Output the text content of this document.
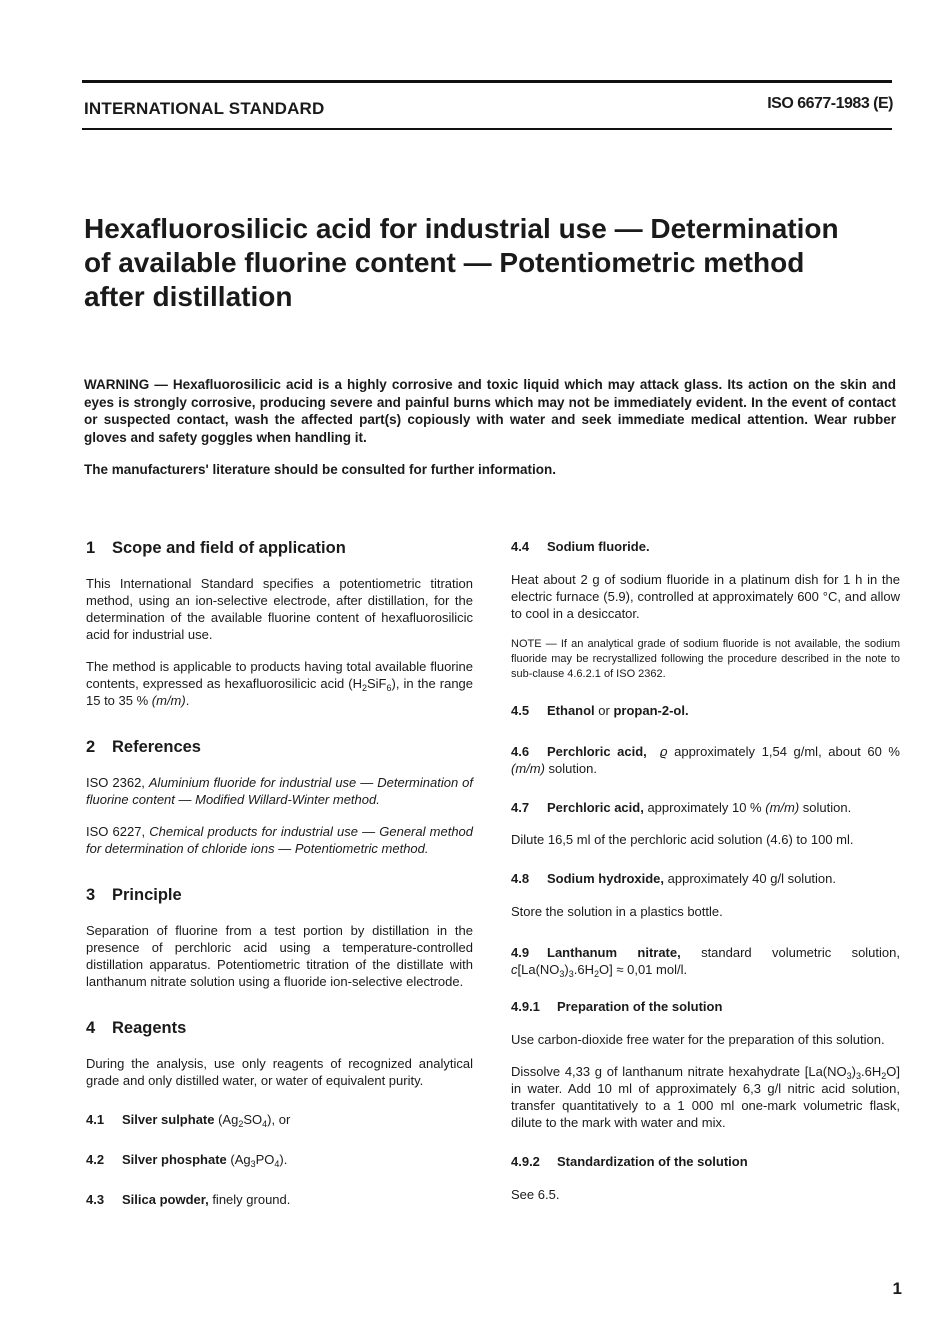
INTERNATIONAL STANDARD	ISO 6677-1983 (E)
Hexafluorosilicic acid for industrial use — Determination
of available fluorine content — Potentiometric method
after distillation

WARNING — Hexafluorosilicic acid is a highly corrosive and toxic liquid which may attack glass. Its action on the skin and eyes is strongly corrosive, producing severe and painful burns which may not be immediately evident. In the event of contact or suspected contact, wash the affected part(s) copiously with water and seek immediate medical attention. Wear rubber gloves and safety goggles when handling it.

The manufacturers' literature should be consulted for further information.

1 Scope and field of application

This International Standard specifies a potentiometric titration method, using an ion-selective electrode, after distillation, for the determination of the available fluorine content of hexafluorosilicic acid for industrial use.

The method is applicable to products having total available fluorine contents, expressed as hexafluorosilicic acid $(H_2SiF_6)$, in the range 15 to 35 % (m/m).

2 References

ISO 2362, Aluminium fluoride for industrial use — Determination of fluorine content — Modified Willard-Winter method.

ISO 6227, Chemical products for industrial use — General method for determination of chloride ions — Potentiometric method.

3 Principle

Separation of fluorine from a test portion by distillation in the presence of perchloric acid using a temperature-controlled distillation apparatus. Potentiometric titration of the distillate with lanthanum nitrate solution using a fluoride ion-selective electrode.

4 Reagents

During the analysis, use only reagents of recognized analytical grade and only distilled water, or water of equivalent purity.

4.1 Silver sulphate $(Ag_2SO_4)$, or
4.2 Silver phosphate $(Ag_3PO_4)$.
4.3 Silica powder, finely ground.
4.4 Sodium fluoride.

Heat about 2 g of sodium fluoride in a platinum dish for 1 h in the electric furnace (5.9), controlled at approximately 600 °C, and allow to cool in a desiccator.

NOTE — If an analytical grade of sodium fluoride is not available, the sodium fluoride may be recrystallized following the procedure described in the note to sub-clause 4.6.2.1 of ISO 2362.

4.5 Ethanol or propan-2-ol.

4.6 Perchloric acid, ϱ approximately 1,54 g/ml, about 60 % (m/m) solution.

4.7 Perchloric acid, approximately 10 % (m/m) solution.

Dilute 16,5 ml of the perchloric acid solution (4.6) to 100 ml.

4.8 Sodium hydroxide, approximately 40 g/l solution.

Store the solution in a plastics bottle.

4.9 Lanthanum nitrate, standard volumetric solution, $c[La(NO_3)_3.6H_2O] \approx 0,01$ mol/l.

4.9.1 Preparation of the solution

Use carbon-dioxide free water for the preparation of this solution.

Dissolve 4,33 g of lanthanum nitrate hexahydrate $[La(NO_3)_3.6H_2O]$ in water. Add 10 ml of approximately 6,3 g/l nitric acid solution, transfer quantitatively to a 1 000 ml one-mark volumetric flask, dilute to the mark with water and mix.

4.9.2 Standardization of the solution

See 6.5.

1
